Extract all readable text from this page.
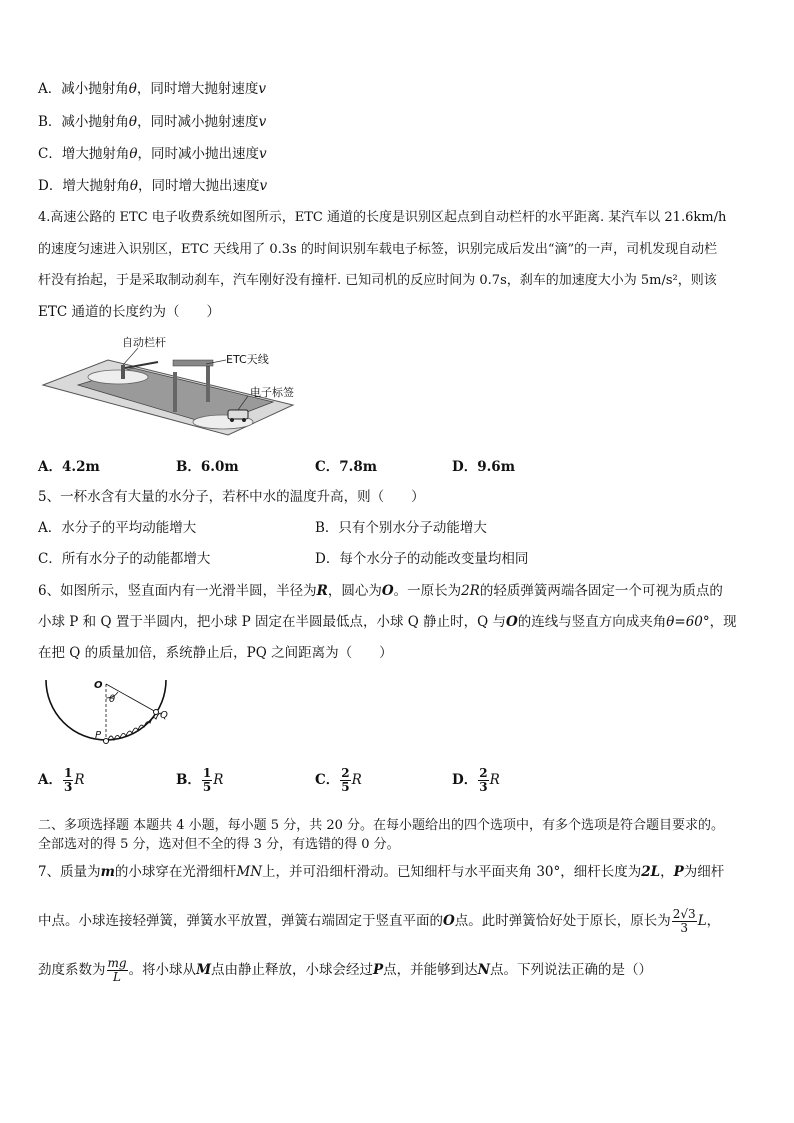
A．减小抛射角θ，同时增大抛射速度v
B．减小抛射角θ，同时减小抛射速度v
C．增大抛射角θ，同时减小抛出速度v
D．增大抛射角θ，同时增大抛出速度v
4.高速公路的 ETC 电子收费系统如图所示，ETC 通道的长度是识别区起点到自动栏杆的水平距离. 某汽车以 21.6km/h
的速度匀速进入识别区，ETC 天线用了 0.3s 的时间识别车载电子标签，识别完成后发出“滴”的一声，司机发现自动栏
杆没有抬起，于是采取制动刹车，汽车刚好没有撞杆. 已知司机的反应时间为 0.7s，刹车的加速度大小为 5m/s²，则该
ETC 通道的长度约为（　　）
自动栏杆
ETC天线
电子标签
A．4.2m	B．6.0m	C．7.8m	D．9.6m
5、一杯水含有大量的水分子，若杯中水的温度升高，则（　　）
A．水分子的平均动能增大	B．只有个别水分子动能增大
C．所有水分子的动能都增大	D．每个水分子的动能改变量均相同
6、如图所示，竖直面内有一光滑半圆，半径为R，圆心为O。一原长为2R的轻质弹簧两端各固定一个可视为质点的
小球 P 和 Q 置于半圆内，把小球 P 固定在半圆最低点，小球 Q 静止时，Q 与O的连线与竖直方向成夹角θ=60°，现
在把 Q 的质量加倍，系统静止后，PQ 之间距离为（　　）
O
θ
Q
P
A． $\frac{1}{3}$ R	B． $\frac{1}{5}$ R	C． $\frac{2}{5}$ R	D． $\frac{2}{3}$ R
二、多项选择题 本题共 4 小题，每小题 5 分，共 20 分。在每小题给出的四个选项中，有多个选项是符合题目要求的。
全部选对的得 5 分，选对但不全的得 3 分，有选错的得 0 分。
7、质量为m的小球穿在光滑细杆MN上，并可沿细杆滑动。已知细杆与水平面夹角 30°，细杆长度为2L，P为细杆
中点。小球连接轻弹簧，弹簧水平放置，弹簧右端固定于竖直平面的O点。此时弹簧恰好处于原长，原长为 $\frac{2√3}{3}$ L，
劲度系数为 $\frac{mg}{L}$ 。将小球从M点由静止释放，小球会经过P点，并能够到达N点。下列说法正确的是（）
